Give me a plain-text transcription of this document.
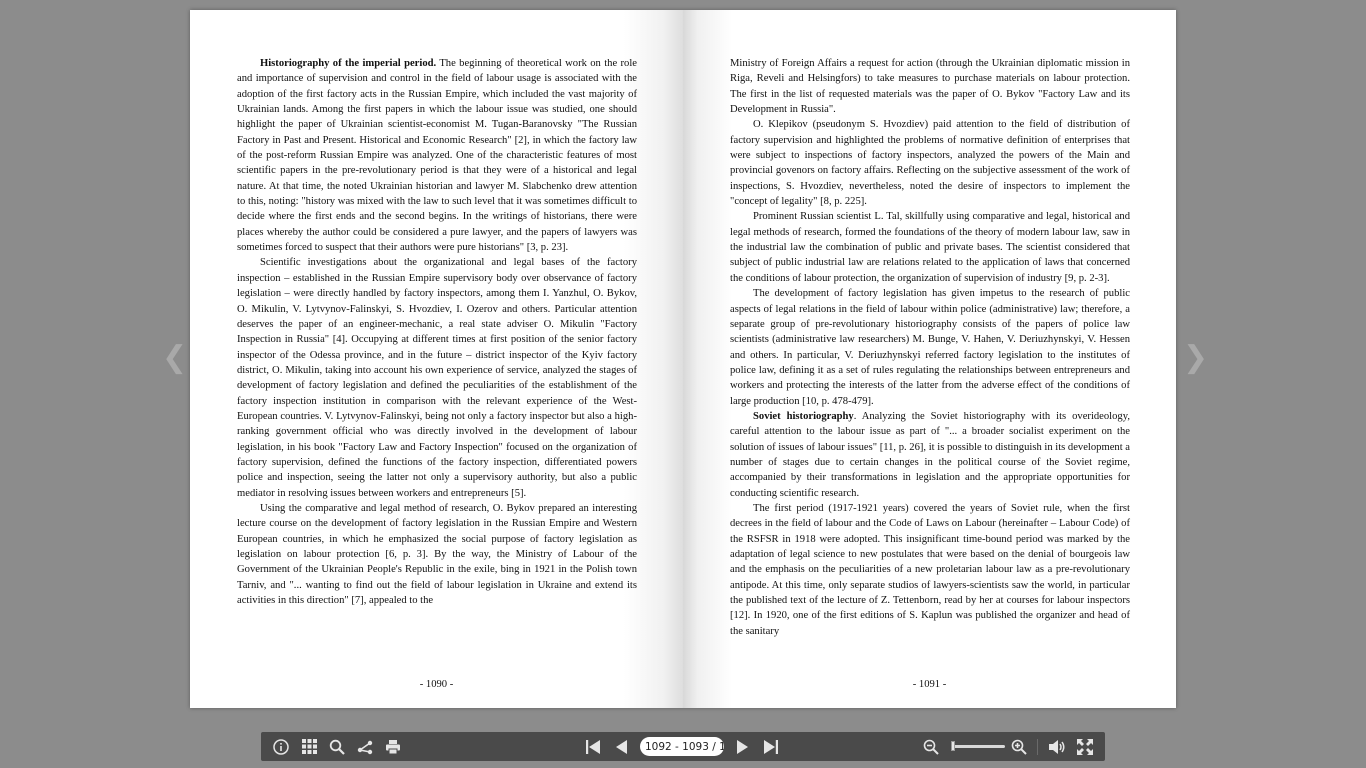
❮	❯

Historiography of the imperial period. The beginning of theoretical work on the role and importance of supervision and control in the field of labour usage is associated with the adoption of the first factory acts in the Russian Empire, which included the vast majority of Ukrainian lands. Among the first papers in which the labour issue was studied, one should highlight the paper of Ukrainian scientist-economist M. Tugan-Baranovsky "The Russian Factory in Past and Present. Historical and Economic Research" [2], in which the factory law of the post-reform Russian Empire was analyzed. One of the characteristic features of most scientific papers in the pre-revolutionary period is that they were of a historical and legal nature. At that time, the noted Ukrainian historian and lawyer M. Slabchenko drew attention to this, noting: "history was mixed with the law to such level that it was sometimes difficult to decide where the first ends and the second begins. In the writings of historians, there were places whereby the author could be considered a pure lawyer, and the papers of lawyers was sometimes forced to suspect that their authors were pure historians" [3, p. 23].

Scientific investigations about the organizational and legal bases of the factory inspection – established in the Russian Empire supervisory body over observance of factory legislation – were directly handled by factory inspectors, among them I. Yanzhul, O. Bykov, O. Mikulin, V. Lytvynov-Falinskyi, S. Hvozdiev, I. Ozerov and others. Particular attention deserves the paper of an engineer-mechanic, a real state adviser O. Mikulin "Factory Inspection in Russia" [4]. Occupying at different times at first position of the senior factory inspector of the Odessa province, and in the future – district inspector of the Kyiv factory district, O. Mikulin, taking into account his own experience of service, analyzed the stages of development of factory legislation and defined the peculiarities of the establishment of the factory inspection institution in comparison with the relevant experience of the West- European countries. V. Lytvynov-Falinskyi, being not only a factory inspector but also a high-ranking government official who was directly involved in the development of labour legislation, in his book "Factory Law and Factory Inspection" focused on the organization of factory supervision, defined the functions of the factory inspection, differentiated powers police and inspection, seeing the latter not only a supervisory authority, but also a public mediator in resolving issues between workers and entrepreneurs [5].

Using the comparative and legal method of research, O. Bykov prepared an interesting lecture course on the development of factory legislation in the Russian Empire and Western European countries, in which he emphasized the social purpose of factory legislation as legislation on labour protection [6, p. 3]. By the way, the Ministry of Labour of the Government of the Ukrainian People's Republic in the exile, bing in 1921 in the Polish town Tarniv, and "... wanting to find out the field of labour legislation in Ukraine and extend its activities in this direction" [7], appealed to the

- 1090 -

Ministry of Foreign Affairs a request for action (through the Ukrainian diplomatic mission in Riga, Reveli and Helsingfors) to take measures to purchase materials on labour protection. The first in the list of requested materials was the paper of O. Bykov "Factory Law and its Development in Russia".

O. Klepikov (pseudonym S. Hvozdiev) paid attention to the field of distribution of factory supervision and highlighted the problems of normative definition of enterprises that were subject to inspections of factory inspectors, analyzed the powers of the Main and provincial govenors on factory affairs. Reflecting on the subjective assessment of the work of inspections, S. Hvozdiev, nevertheless, noted the desire of inspectors to implement the "concept of legality" [8, p. 225].

Prominent Russian scientist L. Tal, skillfully using comparative and legal, historical and legal methods of research, formed the foundations of the theory of modern labour law, saw in the industrial law the combination of public and private bases. The scientist considered that subject of public industrial law are relations related to the application of laws that concerned the conditions of labour protection, the organization of supervision of industry [9, p. 2-3].

The development of factory legislation has given impetus to the research of public aspects of legal relations in the field of labour within police (administrative) law; therefore, a separate group of pre-revolutionary historiography consists of the papers of police law scientists (administrative law researchers) M. Bunge, V. Hahen, V. Deriuzhynskyi, V. Hessen and others. In particular, V. Deriuzhynskyi referred factory legislation to the institutes of police law, defining it as a set of rules regulating the relationships between entrepreneurs and workers and protecting the interests of the latter from the adverse effect of the conditions of large production [10, p. 478-479].

Soviet historiography. Analyzing the Soviet historiography with its overideology, careful attention to the labour issue as part of "... a broader socialist experiment on the solution of issues of labour issues" [11, p. 26], it is possible to distinguish in its development a number of stages due to certain changes in the political course of the Soviet regime, accompanied by their transformations in legislation and the appropriate opportunities for conducting scientific research.

The first period (1917-1921 years) covered the years of Soviet rule, when the first decrees in the field of labour and the Code of Laws on Labour (hereinafter – Labour Code) of the RSFSR in 1918 were adopted. This insignificant time-bound period was marked by the adaptation of legal science to new postulates that were based on the denial of bourgeois law and the emphasis on the peculiarities of a new proletarian labour law as a pre-revolutionary antipode. At this time, only separate studios of lawyers-scientists saw the world, in particular the published text of the lecture of Z. Tettenborn, read by her at courses for labour inspectors [12]. In 1920, one of the first editions of S. Kaplun was published the organizer and head of the sanitary

- 1091 -
1092 - 1093 / 18
